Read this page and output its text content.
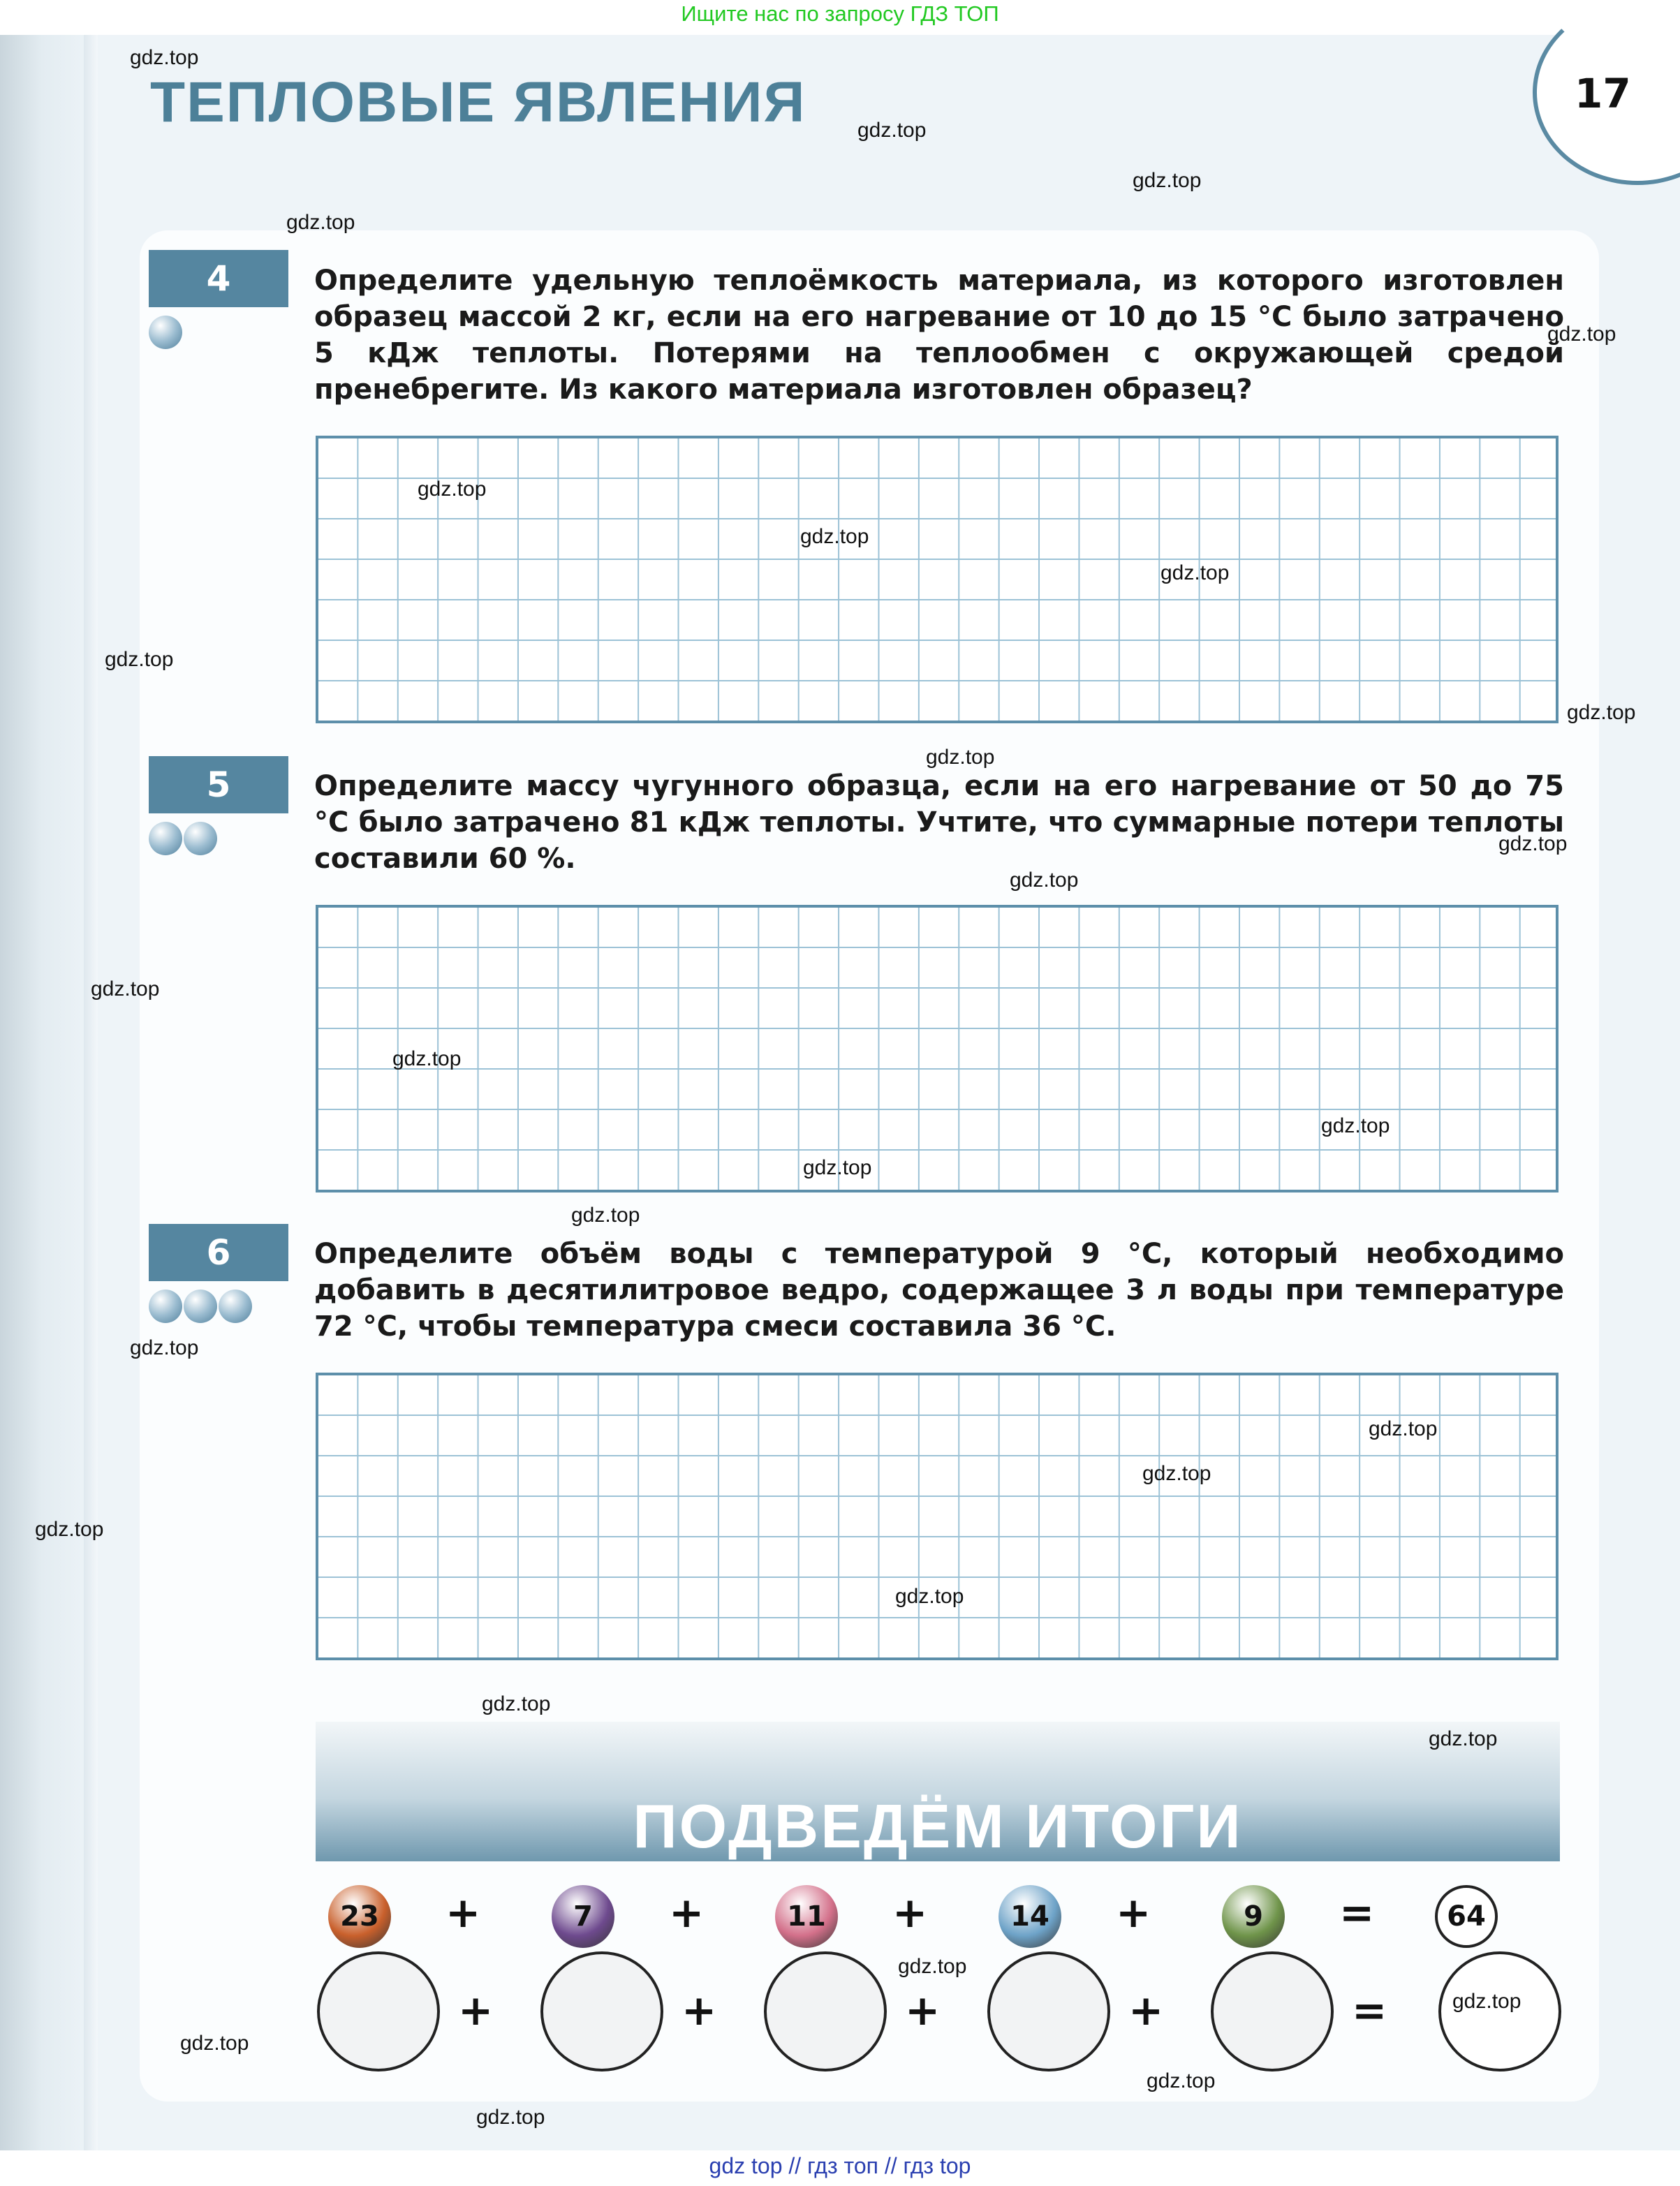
Ищите нас по запросу ГДЗ ТОП
ТЕПЛОВЫЕ ЯВЛЕНИЯ	17
4	Определите удельную теплоёмкость материала, из которого изготовлен образец массой 2 кг, если на его нагревание от 10 до 15 °С было затрачено 5 кДж теплоты. Потерями на теплообмен с окружающей средой пренебрегите. Из какого материала изготовлен образец?
5	Определите массу чугунного образца, если на его нагревание от 50 до 75 °С было затрачено 81 кДж теплоты. Учтите, что суммарные потери теплоты составили 60 %.
6	Определите объём воды с температурой 9 °С, который необходимо добавить в десятилитровое ведро, содержащее 3 л воды при температуре 72 °С, чтобы температура смеси составила 36 °С.
ПОДВЕДЁМ ИТОГИ
23 +
+
7	+
+
11 +
+
14 +
+
9	=
=
64
gdz.top
gdz.top
gdz.top
gdz.top
gdz.top
gdz.top
gdz.top
gdz.top
gdz.top
gdz.top
gdz.top
gdz.top
gdz.top
gdz.top
gdz.top
gdz.top
gdz.top
gdz.top
gdz.top
gdz.top
gdz.top
gdz.top
gdz.top
gdz.top
gdz.top
gdz.top
gdz.top
gdz.top
gdz.top
gdz.top
gdz top // гдз топ // гдз top
